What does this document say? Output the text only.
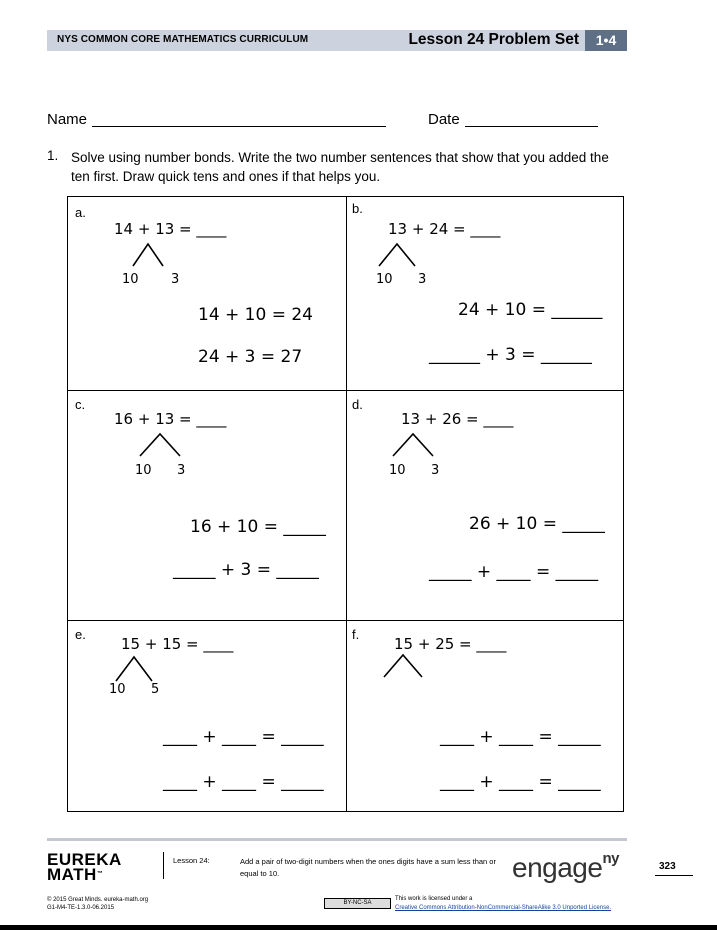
NYS COMMON CORE MATHEMATICS CURRICULUM	Lesson 24 Problem Set	1•4
Name	Date
1. Solve using number bonds. Write the two number sentences that show that you added the ten first. Draw quick tens and ones if that helps you.
a.
14 + 13 = ____
10 3
14 + 10 = 24
24 + 3 = 27
b.
13 + 24 = ____
10 3
24 + 10 = ______
______ + 3 = ______
c.
16 + 13 = ____
10 3
16 + 10 = _____
_____ + 3 = _____
d.
13 + 26 = ____
10 3
26 + 10 = _____
_____ + ____ = _____
e.
15 + 15 = ____
10 5
____ + ____ = _____
____ + ____ = _____
f.
15 + 25 = ____
____ + ____ = _____
____ + ____ = _____
EUREKA
MATH™
Lesson 24:	Add a pair of two-digit numbers when the ones digits have a sum less than or equal to 10.	engage$^{ny}$	323
© 2015 Great Minds. eureka-math.org
G1-M4-TE-1.3.0-06.2015
BY-NC-SA
This work is licensed under a
Creative Commons Attribution-NonCommercial-ShareAlike 3.0 Unported License.
